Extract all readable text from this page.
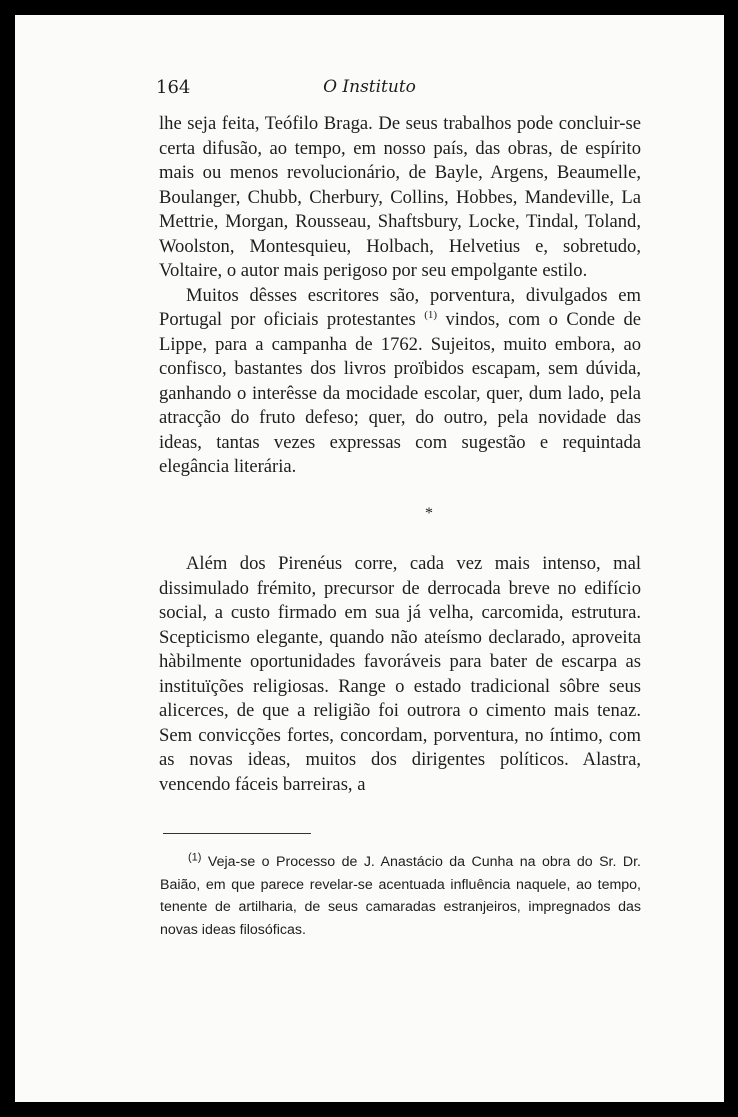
164	O Instituto

lhe seja feita, Teófilo Braga. De seus trabalhos pode concluir-se certa difusão, ao tempo, em nosso país, das obras, de espírito mais ou menos revolucionário, de Bayle, Argens, Beaumelle, Boulanger, Chubb, Cherbury, Collins, Hobbes, Mandeville, La Mettrie, Morgan, Rousseau, Shaftsbury, Locke, Tindal, Toland, Woolston, Montesquieu, Holbach, Helvetius e, sobretudo, Voltaire, o autor mais perigoso por seu empolgante estilo.

Muitos dêsses escritores são, porventura, divulgados em Portugal por oficiais protestantes $^{(1)}$ vindos, com o Conde de Lippe, para a campanha de 1762. Sujeitos, muito embora, ao confisco, bastantes dos livros proïbidos escapam, sem dúvida, ganhando o interêsse da mocidade escolar, quer, dum lado, pela atracção do fruto defeso; quer, do outro, pela novidade das ideas, tantas vezes expressas com sugestão e requintada elegância literária.

*

Além dos Pirenéus corre, cada vez mais intenso, mal dissimulado frémito, precursor de derrocada breve no edifício social, a custo firmado em sua já velha, carcomida, estrutura. Scepticismo elegante, quando não ateísmo declarado, aproveita hàbilmente oportunidades favoráveis para bater de escarpa as instituïções religiosas. Range o estado tradicional sôbre seus alicerces, de que a religião foi outrora o cimento mais tenaz. Sem convicções fortes, concordam, porventura, no íntimo, com as novas ideas, muitos dos dirigentes políticos. Alastra, vencendo fáceis barreiras, a

$^{(1)}$ Veja-se o Processo de J. Anastácio da Cunha na obra do Sr. Dr. Baião, em que parece revelar-se acentuada influência naquele, ao tempo, tenente de artilharia, de seus camaradas estranjeiros, impregnados das novas ideas filosóficas.
